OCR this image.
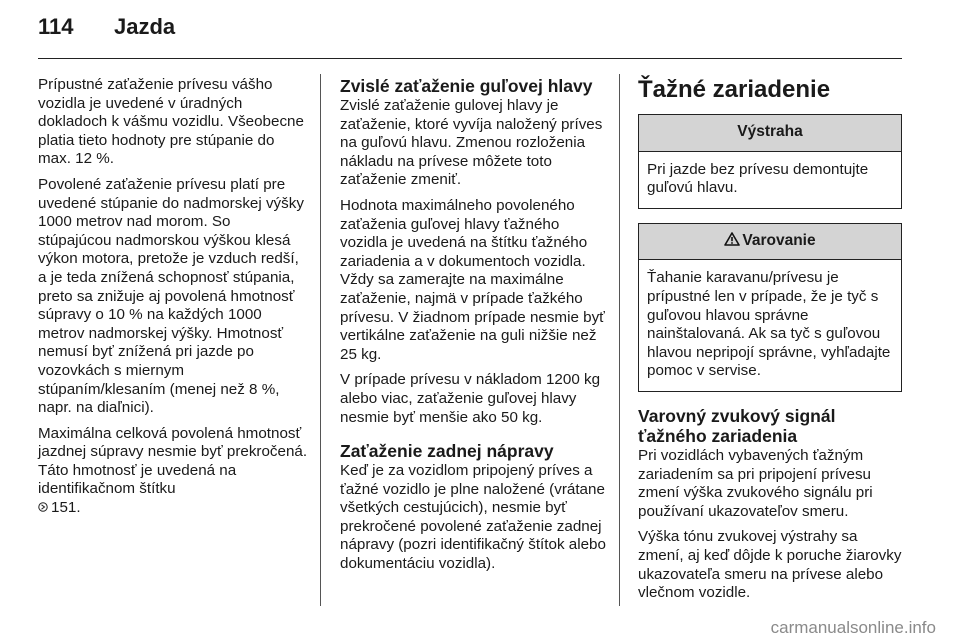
114	Jazda

Prípustné zaťaženie prívesu vášho vozidla je uvedené v úradných dokladoch k vášmu vozidlu. Všeobecne platia tieto hodnoty pre stúpanie do max. 12 %.

Povolené zaťaženie prívesu platí pre uvedené stúpanie do nadmorskej výšky 1000 metrov nad morom. So stúpajúcou nadmorskou výškou klesá výkon motora, pretože je vzduch redší, a je teda znížená schopnosť stúpania, preto sa znižuje aj povolená hmotnosť súpravy o 10 % na každých 1000 metrov nadmorskej výšky. Hmotnosť nemusí byť znížená pri jazde po vozovkách s miernym stúpaním/klesaním (menej než 8 %, napr. na diaľnici).

Maximálna celková povolená hmotnosť jazdnej súpravy nesmie byť prekročená. Táto hmotnosť je uvedená na identifikačnom štítku
151.

Zvislé zaťaženie guľovej hlavy

Zvislé zaťaženie gulovej hlavy je zaťaženie, ktoré vyvíja naložený príves na guľovú hlavu. Zmenou rozloženia nákladu na prívese môžete toto zaťaženie zmeniť.

Hodnota maximálneho povoleného zaťaženia guľovej hlavy ťažného vozidla je uvedená na štítku ťažného zariadenia a v dokumentoch vozidla. Vždy sa zamerajte na maximálne zaťaženie, najmä v prípade ťažkého prívesu. V žiadnom prípade nesmie byť vertikálne zaťaženie na guli nižšie než 25 kg.

V prípade prívesu v nákladom 1200 kg alebo viac, zaťaženie guľovej hlavy nesmie byť menšie ako 50 kg.

Zaťaženie zadnej nápravy

Keď je za vozidlom pripojený príves a ťažné vozidlo je plne naložené (vrátane všetkých cestujúcich), nesmie byť prekročené povolené zaťaženie zadnej nápravy (pozri identifikačný štítok alebo dokumentáciu vozidla).

Ťažné zariadenie
Výstraha
Pri jazde bez prívesu demontujte guľovú hlavu.
Varovanie
Ťahanie karavanu/prívesu je prípustné len v prípade, že je tyč s guľovou hlavou správne nainštalovaná. Ak sa tyč s guľovou hlavou nepripojí správne, vyhľadajte pomoc v servise.
Varovný zvukový signál ťažného zariadenia

Pri vozidlách vybavených ťažným zariadením sa pri pripojení prívesu zmení výška zvukového signálu pri používaní ukazovateľov smeru.

Výška tónu zvukovej výstrahy sa zmení, aj keď dôjde k poruche žiarovky ukazovateľa smeru na prívese alebo vlečnom vozidle.

carmanualsonline.info
